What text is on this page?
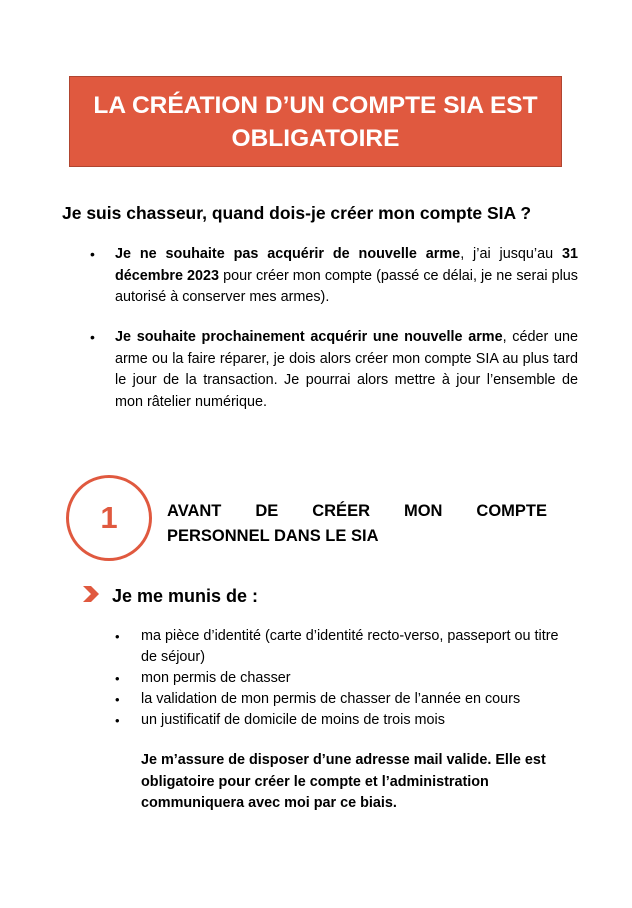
LA CRÉATION D’UN COMPTE SIA EST OBLIGATOIRE
Je suis chasseur, quand dois-je créer mon compte SIA ?
• Je ne souhaite pas acquérir de nouvelle arme, j’ai jusqu’au 31 décembre 2023 pour créer mon compte (passé ce délai, je ne serai plus autorisé à conserver mes armes).
• Je souhaite prochainement acquérir une nouvelle arme, céder une arme ou la faire réparer, je dois alors créer mon compte SIA au plus tard le jour de la transaction. Je pourrai alors mettre à jour l’ensemble de mon râtelier numérique.
1	AVANT DE CRÉER MON COMPTE
PERSONNEL DANS LE SIA
Je me munis de :
• ma pièce d’identité (carte d’identité recto-verso, passeport ou titre de séjour)
• mon permis de chasser
• la validation de mon permis de chasser de l’année en cours
• un justificatif de domicile de moins de trois mois
Je m’assure de disposer d’une adresse mail valide. Elle est obligatoire pour créer le compte et l’administration communiquera avec moi par ce biais.
